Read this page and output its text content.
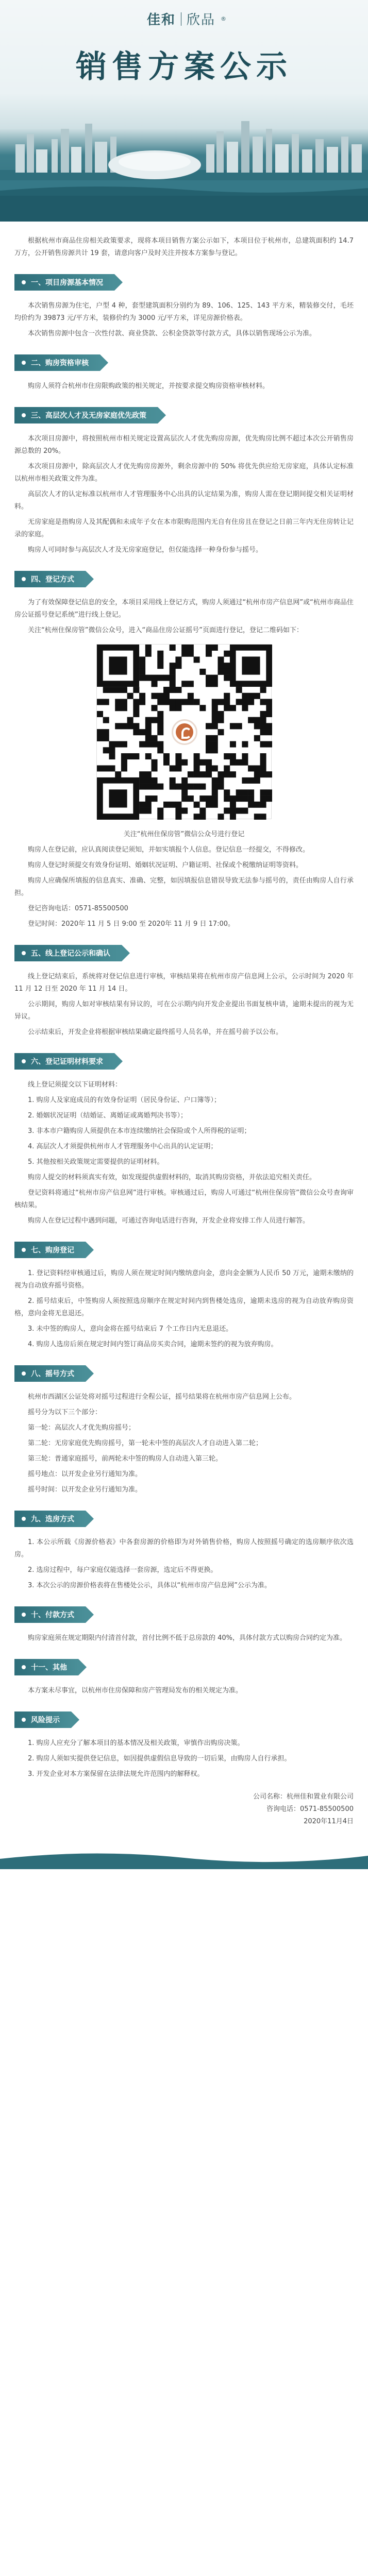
佳和 欣品 ®
销售方案公示

根据杭州市商品住房相关政策要求，现将本项目销售方案公示如下，本项目位于杭州市，总建筑面积约 14.7 万方，公开销售房源共计 19 套，请意向客户及时关注并按本方案参与登记。

一、项目房源基本情况

本次销售房源为住宅，户型 4 种，套型建筑面积分别约为 89、106、125、143 平方米，精装修交付，毛坯均价约为 39873 元/平方米，装修价约为 3000 元/平方米，详见房源价格表。

本次销售房源中包含一次性付款、商业贷款、公积金贷款等付款方式，具体以销售现场公示为准。

二、购房资格审核

购房人须符合杭州市住房限购政策的相关规定，并按要求提交购房资格审核材料。

三、高层次人才及无房家庭优先政策

本次项目房源中，将按照杭州市相关规定设置高层次人才优先购房房源，优先购房比例不超过本次公开销售房源总数的 20%。

本次项目房源中，除高层次人才优先购房房源外，剩余房源中的 50% 将优先供应给无房家庭，具体认定标准以杭州市相关政策文件为准。

高层次人才的认定标准以杭州市人才管理服务中心出具的认定结果为准，购房人需在登记期间提交相关证明材料。

无房家庭是指购房人及其配偶和未成年子女在本市限购范围内无自有住房且在登记之日前三年内无住房转让记录的家庭。

购房人可同时参与高层次人才及无房家庭登记，但仅能选择一种身份参与摇号。

四、登记方式

为了有效保障登记信息的安全，本项目采用线上登记方式，购房人须通过“杭州市房产信息网”或“杭州市商品住房公证摇号登记系统”进行线上登记。

关注“杭州住保房管”微信公众号，进入“商品住房公证摇号”页面进行登记，登记二维码如下：

关注“杭州住保房管”微信公众号进行登记

购房人在登记前，应认真阅读登记须知，并如实填报个人信息。登记信息一经提交，不得修改。

购房人登记时须提交有效身份证明、婚姻状况证明、户籍证明、社保或个税缴纳证明等资料。

购房人应确保所填报的信息真实、准确、完整，如因填报信息错误导致无法参与摇号的，责任由购房人自行承担。

登记咨询电话：0571-85500500

登记时间：2020年 11 月 5 日 9:00 至 2020年 11 月 9 日 17:00。

五、线上登记公示和确认

线上登记结束后，系统将对登记信息进行审核，审核结果将在杭州市房产信息网上公示，公示时间为 2020 年 11 月 12 日至 2020 年 11 月 14 日。

公示期间，购房人如对审核结果有异议的，可在公示期内向开发企业提出书面复核申请，逾期未提出的视为无异议。

公示结束后，开发企业将根据审核结果确定最终摇号人员名单，并在摇号前予以公布。

六、登记证明材料要求

线上登记须提交以下证明材料：

1. 购房人及家庭成员的有效身份证明（居民身份证、户口簿等）；

2. 婚姻状况证明（结婚证、离婚证或离婚判决书等）；

3. 非本市户籍购房人须提供在本市连续缴纳社会保险或个人所得税的证明；

4. 高层次人才须提供杭州市人才管理服务中心出具的认定证明；

5. 其他按相关政策规定需要提供的证明材料。

购房人提交的材料须真实有效，如发现提供虚假材料的，取消其购房资格，并依法追究相关责任。

登记资料将通过“杭州市房产信息网”进行审核。审核通过后，购房人可通过“杭州住保房管”微信公众号查询审核结果。

购房人在登记过程中遇到问题，可通过咨询电话进行咨询，开发企业将安排工作人员进行解答。

七、购房登记

1. 登记资料经审核通过后，购房人须在规定时间内缴纳意向金，意向金金额为人民币 50 万元，逾期未缴纳的视为自动放弃摇号资格。

2. 摇号结束后，中签购房人须按照选房顺序在规定时间内到售楼处选房，逾期未选房的视为自动放弃购房资格，意向金将无息退还。

3. 未中签的购房人，意向金将在摇号结束后 7 个工作日内无息退还。

4. 购房人选房后须在规定时间内签订商品房买卖合同，逾期未签约的视为放弃购房。

八、摇号方式

杭州市西湖区公证处将对摇号过程进行全程公证，摇号结果将在杭州市房产信息网上公布。

摇号分为以下三个部分：

第一轮：高层次人才优先购房摇号；

第二轮：无房家庭优先购房摇号，第一轮未中签的高层次人才自动进入第二轮；

第三轮：普通家庭摇号，前两轮未中签的购房人自动进入第三轮。

摇号地点：以开发企业另行通知为准。

摇号时间：以开发企业另行通知为准。

九、选房方式

1. 本公示所载《房源价格表》中各套房源的价格即为对外销售价格，购房人按照摇号确定的选房顺序依次选房。

2. 选房过程中，每户家庭仅能选择一套房源，选定后不得更换。

3. 本次公示的房源价格表将在售楼处公示，具体以“杭州市房产信息网”公示为准。

十、付款方式

购房家庭须在规定期限内付清首付款，首付比例不低于总房款的 40%，具体付款方式以购房合同约定为准。

十一、其他

本方案未尽事宜，以杭州市住房保障和房产管理局发布的相关规定为准。

风险提示

1. 购房人应充分了解本项目的基本情况及相关政策，审慎作出购房决策。

2. 购房人须如实提供登记信息，如因提供虚假信息导致的一切后果，由购房人自行承担。

3. 开发企业对本方案保留在法律法规允许范围内的解释权。

公司名称：杭州佳和置业有限公司
咨询电话：0571-85500500
2020年11月4日
